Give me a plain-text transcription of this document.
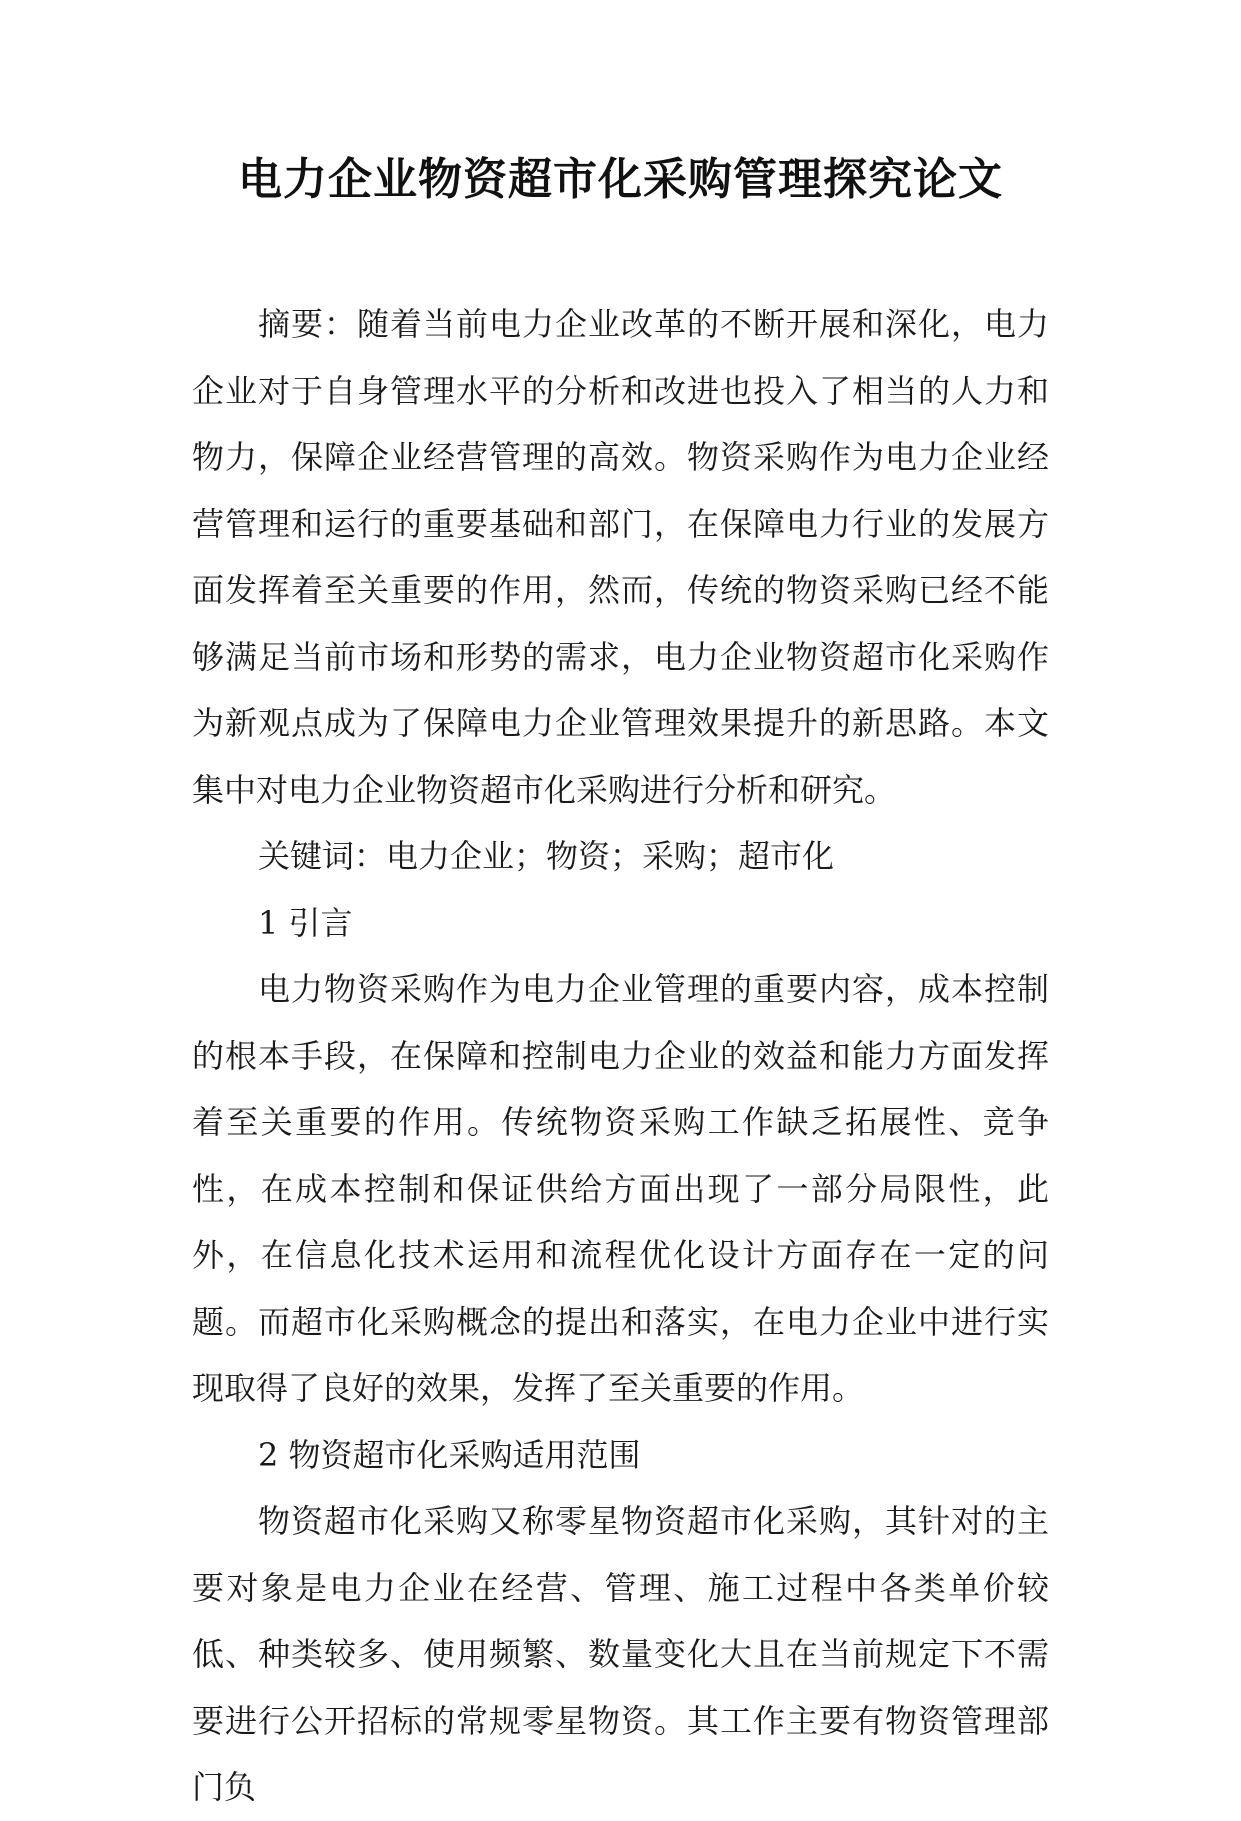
电力企业物资超市化采购管理探究论文

摘要：随着当前电力企业改革的不断开展和深化，电力企业对于自身管理水平的分析和改进也投入了相当的人力和物力，保障企业经营管理的高效。物资采购作为电力企业经营管理和运行的重要基础和部门，在保障电力行业的发展方面发挥着至关重要的作用，然而，传统的物资采购已经不能够满足当前市场和形势的需求，电力企业物资超市化采购作为新观点成为了保障电力企业管理效果提升的新思路。本文集中对电力企业物资超市化采购进行分析和研究。

关键词：电力企业；物资；采购；超市化

1 引言

电力物资采购作为电力企业管理的重要内容，成本控制的根本手段，在保障和控制电力企业的效益和能力方面发挥着至关重要的作用。传统物资采购工作缺乏拓展性、竞争性，在成本控制和保证供给方面出现了一部分局限性，此外，在信息化技术运用和流程优化设计方面存在一定的问题。而超市化采购概念的提出和落实，在电力企业中进行实现取得了良好的效果，发挥了至关重要的作用。

2 物资超市化采购适用范围

物资超市化采购又称零星物资超市化采购，其针对的主要对象是电力企业在经营、管理、施工过程中各类单价较低、种类较多、使用频繁、数量变化大且在当前规定下不需要进行公开招标的常规零星物资。其工作主要有物资管理部门负
